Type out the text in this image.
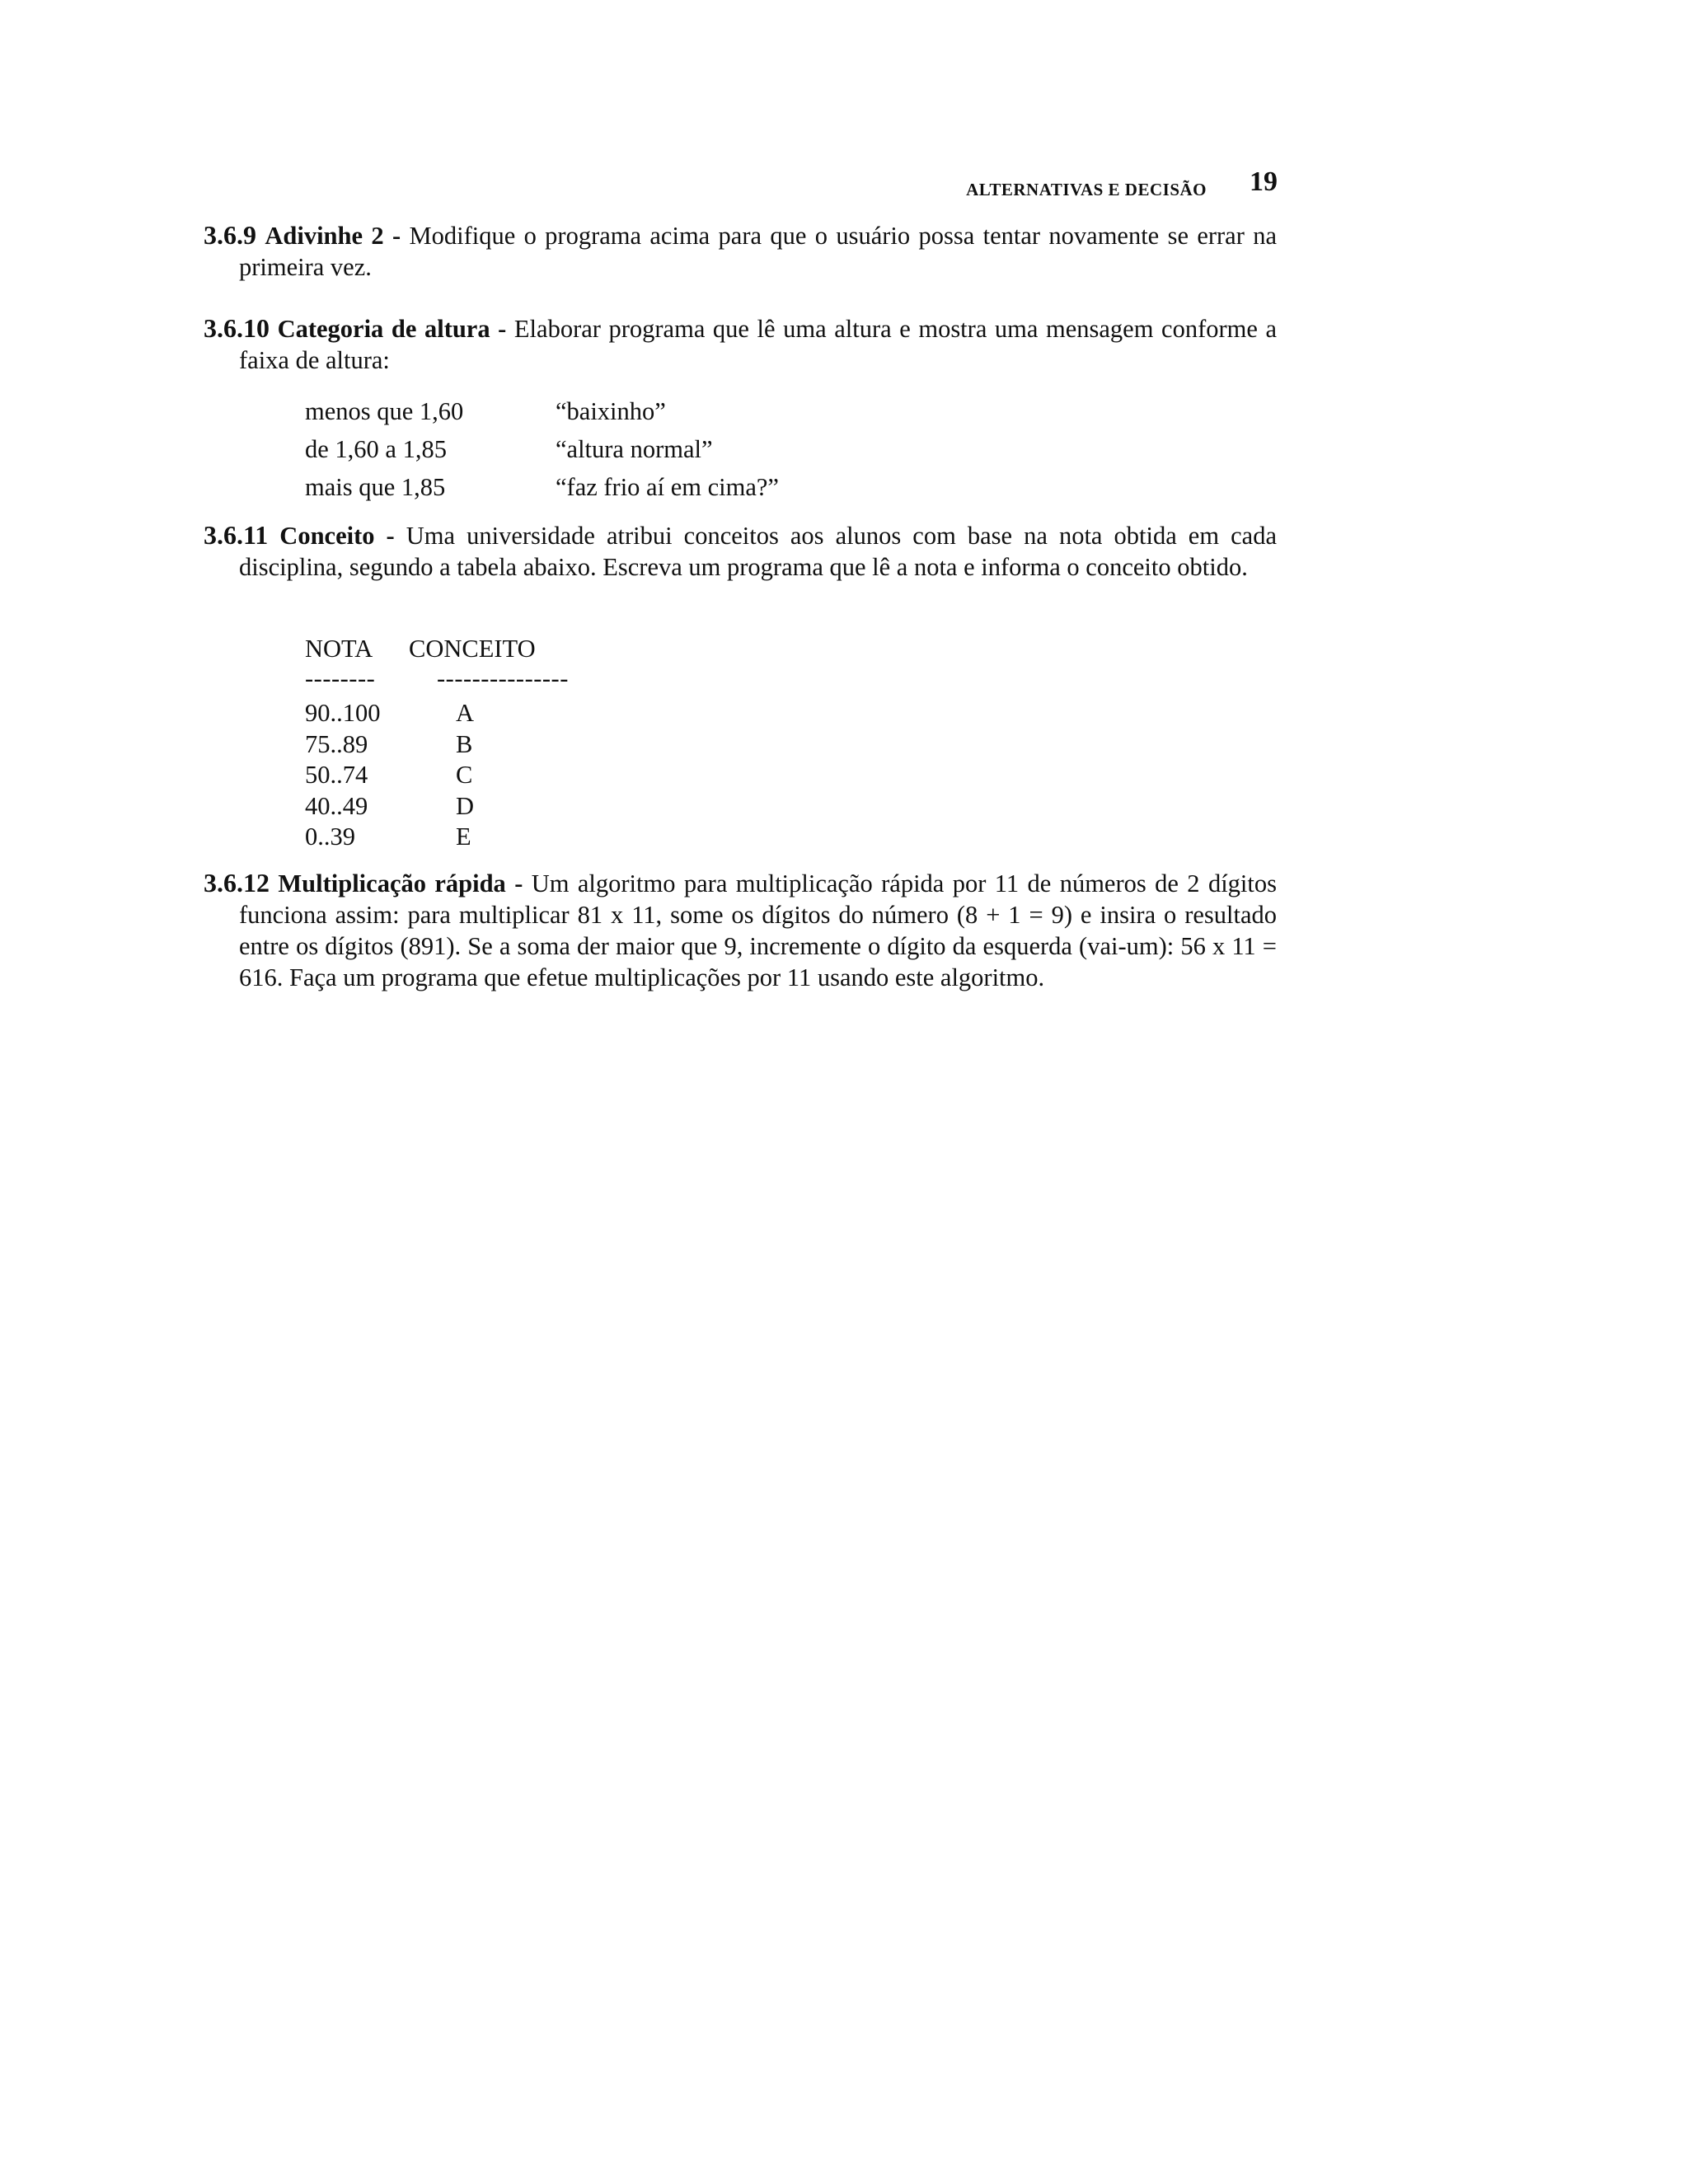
ALTERNATIVAS E DECISÃO 19
3.6.9 Adivinhe 2 - Modifique o programa acima para que o usuário possa tentar novamente se errar na primeira vez.
3.6.10 Categoria de altura - Elaborar programa que lê uma altura e mostra uma mensagem conforme a faixa de altura:
menos que 1,60	“baixinho”
de 1,60 a 1,85	“altura normal”
mais que 1,85	“faz frio aí em cima?”
3.6.11 Conceito - Uma universidade atribui conceitos aos alunos com base na nota obtida em cada disciplina, segundo a tabela abaixo. Escreva um programa que lê a nota e informa o conceito obtido.
NOTA CONCEITO
-------- ---------------
90..100	A
75..89	B
50..74	C
40..49	D
0..39	E
3.6.12 Multiplicação rápida - Um algoritmo para multiplicação rápida por 11 de números de 2 dígitos funciona assim: para multiplicar 81 x 11, some os dígitos do número (8 + 1 = 9) e insira o resultado entre os dígitos (891). Se a soma der maior que 9, incremente o dígito da esquerda (vai-um): 56 x 11 = 616. Faça um programa que efetue multiplicações por 11 usando este algoritmo.
